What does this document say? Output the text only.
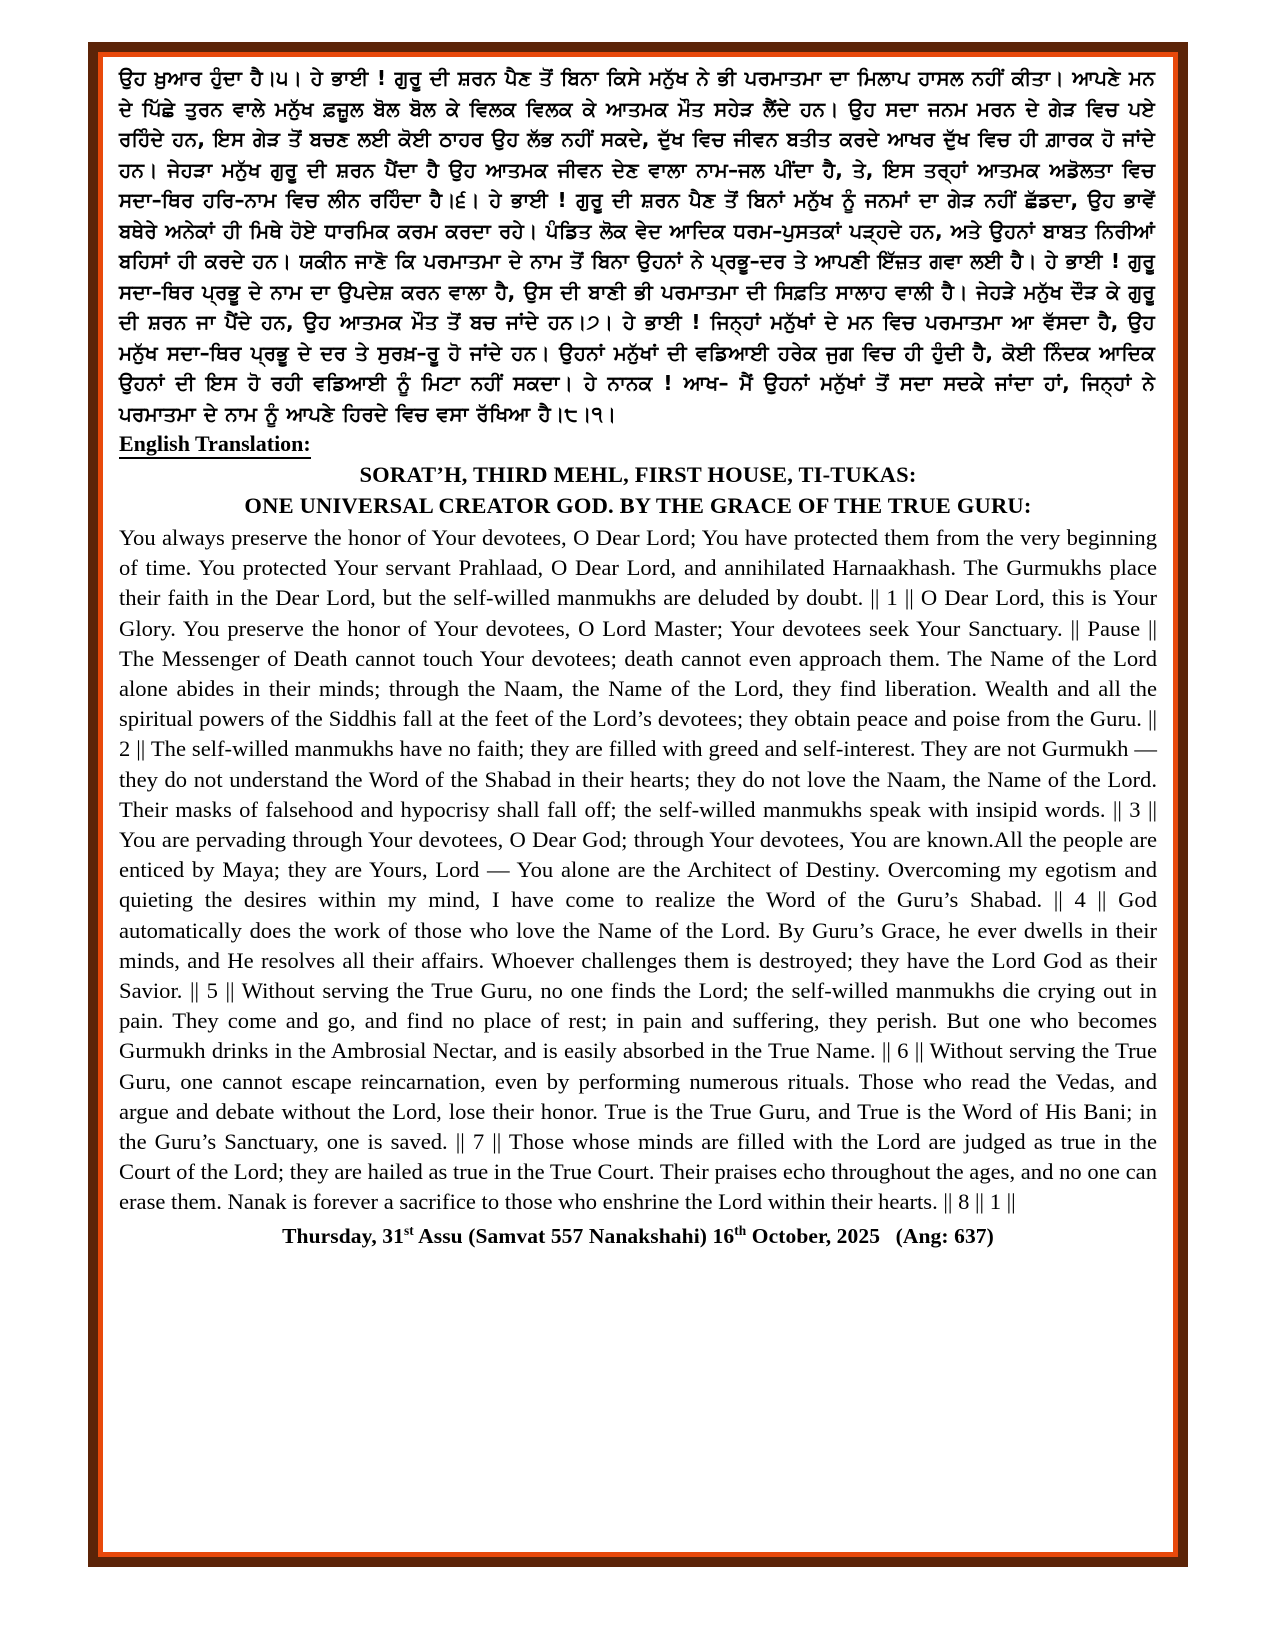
ਉਹ ਖ਼ੁਆਰ ਹੁੰਦਾ ਹੈ।੫। ਹੇ ਭਾਈ ! ਗੁਰੂ ਦੀ ਸ਼ਰਨ ਪੈਣ ਤੋਂ ਬਿਨਾ ਕਿਸੇ ਮਨੁੱਖ ਨੇ ਭੀ ਪਰਮਾਤਮਾ ਦਾ ਮਿਲਾਪ ਹਾਸਲ ਨਹੀਂ ਕੀਤਾ। ਆਪਣੇ ਮਨ ਦੇ ਪਿੱਛੇ ਤੁਰਨ ਵਾਲੇ ਮਨੁੱਖ ਫ਼ਜ਼ੂਲ ਬੋਲ ਬੋਲ ਕੇ ਵਿਲਕ ਵਿਲਕ ਕੇ ਆਤਮਕ ਮੌਤ ਸਹੇੜ ਲੈਂਦੇ ਹਨ। ਉਹ ਸਦਾ ਜਨਮ ਮਰਨ ਦੇ ਗੇੜ ਵਿਚ ਪਏ ਰਹਿੰਦੇ ਹਨ, ਇਸ ਗੇੜ ਤੋਂ ਬਚਣ ਲਈ ਕੋਈ ਠਾਹਰ ਉਹ ਲੱਭ ਨਹੀਂ ਸਕਦੇ, ਦੁੱਖ ਵਿਚ ਜੀਵਨ ਬਤੀਤ ਕਰਦੇ ਆਖਰ ਦੁੱਖ ਵਿਚ ਹੀ ਗ਼ਾਰਕ ਹੋ ਜਾਂਦੇ ਹਨ। ਜੇਹੜਾ ਮਨੁੱਖ ਗੁਰੂ ਦੀ ਸ਼ਰਨ ਪੈਂਦਾ ਹੈ ਉਹ ਆਤਮਕ ਜੀਵਨ ਦੇਣ ਵਾਲਾ ਨਾਮ–ਜਲ ਪੀਂਦਾ ਹੈ, ਤੇ, ਇਸ ਤਰ੍ਹਾਂ ਆਤਮਕ ਅਡੋਲਤਾ ਵਿਚ ਸਦਾ–ਥਿਰ ਹਰਿ–ਨਾਮ ਵਿਚ ਲੀਨ ਰਹਿੰਦਾ ਹੈ।੬। ਹੇ ਭਾਈ ! ਗੁਰੂ ਦੀ ਸ਼ਰਨ ਪੈਣ ਤੋਂ ਬਿਨਾਂ ਮਨੁੱਖ ਨੂੰ ਜਨਮਾਂ ਦਾ ਗੇੜ ਨਹੀਂ ਛੱਡਦਾ, ਉਹ ਭਾਵੇਂ ਬਥੇਰੇ ਅਨੇਕਾਂ ਹੀ ਮਿਥੇ ਹੋਏ ਧਾਰਮਿਕ ਕਰਮ ਕਰਦਾ ਰਹੇ। ਪੰਡਿਤ ਲੋਕ ਵੇਦ ਆਦਿਕ ਧਰਮ–ਪੁਸਤਕਾਂ ਪੜ੍ਹਦੇ ਹਨ, ਅਤੇ ਉਹਨਾਂ ਬਾਬਤ ਨਿਰੀਆਂ ਬਹਿਸਾਂ ਹੀ ਕਰਦੇ ਹਨ। ਯਕੀਨ ਜਾਣੋ ਕਿ ਪਰਮਾਤਮਾ ਦੇ ਨਾਮ ਤੋਂ ਬਿਨਾ ਉਹਨਾਂ ਨੇ ਪ੍ਰਭੂ–ਦਰ ਤੇ ਆਪਣੀ ਇੱਜ਼ਤ ਗਵਾ ਲਈ ਹੈ। ਹੇ ਭਾਈ ! ਗੁਰੂ ਸਦਾ–ਥਿਰ ਪ੍ਰਭੂ ਦੇ ਨਾਮ ਦਾ ਉਪਦੇਸ਼ ਕਰਨ ਵਾਲਾ ਹੈ, ਉਸ ਦੀ ਬਾਣੀ ਭੀ ਪਰਮਾਤਮਾ ਦੀ ਸਿਫ਼ਤਿ ਸਾਲਾਹ ਵਾਲੀ ਹੈ। ਜੇਹੜੇ ਮਨੁੱਖ ਦੌੜ ਕੇ ਗੁਰੂ ਦੀ ਸ਼ਰਨ ਜਾ ਪੈਂਦੇ ਹਨ, ਉਹ ਆਤਮਕ ਮੌਤ ਤੋਂ ਬਚ ਜਾਂਦੇ ਹਨ।੭। ਹੇ ਭਾਈ ! ਜਿਨ੍ਹਾਂ ਮਨੁੱਖਾਂ ਦੇ ਮਨ ਵਿਚ ਪਰਮਾਤਮਾ ਆ ਵੱਸਦਾ ਹੈ, ਉਹ ਮਨੁੱਖ ਸਦਾ–ਥਿਰ ਪ੍ਰਭੂ ਦੇ ਦਰ ਤੇ ਸੁਰਖ਼–ਰੂ ਹੋ ਜਾਂਦੇ ਹਨ। ਉਹਨਾਂ ਮਨੁੱਖਾਂ ਦੀ ਵਡਿਆਈ ਹਰੇਕ ਜੁਗ ਵਿਚ ਹੀ ਹੁੰਦੀ ਹੈ, ਕੋਈ ਨਿੰਦਕ ਆਦਿਕ ਉਹਨਾਂ ਦੀ ਇਸ ਹੋ ਰਹੀ ਵਡਿਆਈ ਨੂੰ ਮਿਟਾ ਨਹੀਂ ਸਕਦਾ। ਹੇ ਨਾਨਕ ! ਆਖ– ਮੈਂ ਉਹਨਾਂ ਮਨੁੱਖਾਂ ਤੋਂ ਸਦਾ ਸਦਕੇ ਜਾਂਦਾ ਹਾਂ, ਜਿਨ੍ਹਾਂ ਨੇ ਪਰਮਾਤਮਾ ਦੇ ਨਾਮ ਨੂੰ ਆਪਣੇ ਹਿਰਦੇ ਵਿਚ ਵਸਾ ਰੱਖਿਆ ਹੈ।੮।੧।

English Translation:
SORAT’H, THIRD MEHL, FIRST HOUSE, TI-TUKAS:
ONE UNIVERSAL CREATOR GOD. BY THE GRACE OF THE TRUE GURU:

You always preserve the honor of Your devotees, O Dear Lord; You have protected them from the very beginning of time. You protected Your servant Prahlaad, O Dear Lord, and annihilated Harnaakhash. The Gurmukhs place their faith in the Dear Lord, but the self-willed manmukhs are deluded by doubt. || 1 || O Dear Lord, this is Your Glory. You preserve the honor of Your devotees, O Lord Master; Your devotees seek Your Sanctuary. || Pause || The Messenger of Death cannot touch Your devotees; death cannot even approach them. The Name of the Lord alone abides in their minds; through the Naam, the Name of the Lord, they find liberation. Wealth and all the spiritual powers of the Siddhis fall at the feet of the Lord’s devotees; they obtain peace and poise from the Guru. || 2 || The self-willed manmukhs have no faith; they are filled with greed and self-interest. They are not Gurmukh — they do not understand the Word of the Shabad in their hearts; they do not love the Naam, the Name of the Lord. Their masks of falsehood and hypocrisy shall fall off; the self-willed manmukhs speak with insipid words. || 3 || You are pervading through Your devotees, O Dear God; through Your devotees, You are known.All the people are enticed by Maya; they are Yours, Lord — You alone are the Architect of Destiny. Overcoming my egotism and quieting the desires within my mind, I have come to realize the Word of the Guru’s Shabad. || 4 || God automatically does the work of those who love the Name of the Lord. By Guru’s Grace, he ever dwells in their minds, and He resolves all their affairs. Whoever challenges them is destroyed; they have the Lord God as their Savior. || 5 || Without serving the True Guru, no one finds the Lord; the self-willed manmukhs die crying out in pain. They come and go, and find no place of rest; in pain and suffering, they perish. But one who becomes Gurmukh drinks in the Ambrosial Nectar, and is easily absorbed in the True Name. || 6 || Without serving the True Guru, one cannot escape reincarnation, even by performing numerous rituals. Those who read the Vedas, and argue and debate without the Lord, lose their honor. True is the True Guru, and True is the Word of His Bani; in the Guru’s Sanctuary, one is saved. || 7 || Those whose minds are filled with the Lord are judged as true in the Court of the Lord; they are hailed as true in the True Court. Their praises echo throughout the ages, and no one can erase them. Nanak is forever a sacrifice to those who enshrine the Lord within their hearts. || 8 || 1 ||

Thursday, 31st Assu (Samvat 557 Nanakshahi) 16th October, 2025 (Ang: 637)
